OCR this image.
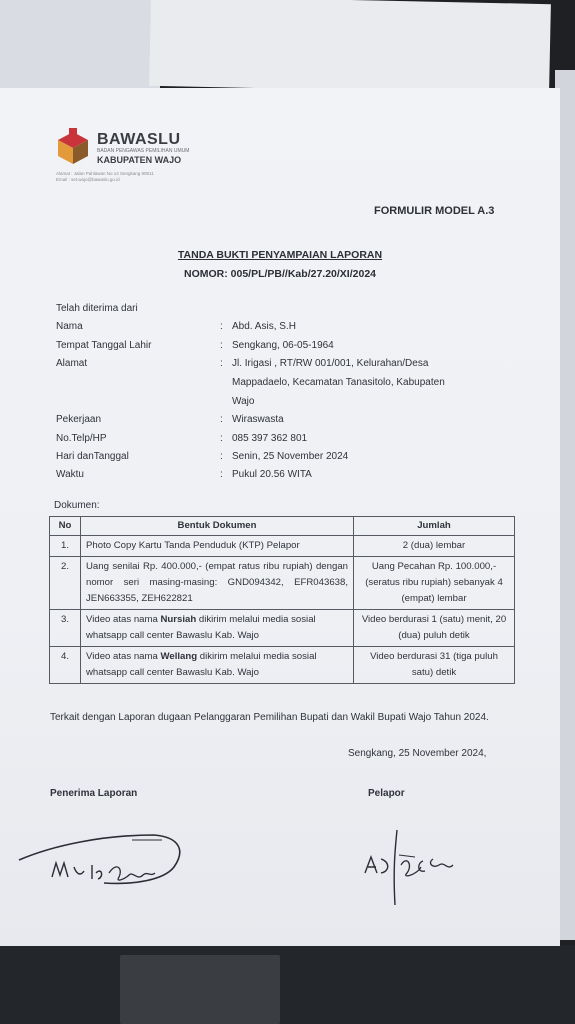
BAWASLU
BADAN PENGAWAS PEMILIHAN UMUM
KABUPATEN WAJO
Alamat : Jalan Pahlawan No.14 Sengkang 90911
Email : set.wajo@bawaslu.go.id
FORMULIR MODEL A.3
TANDA BUKTI PENYAMPAIAN LAPORAN
NOMOR: 005/PL/PB//Kab/27.20/XI/2024
Telah diterima dari
Nama	: Abd. Asis, S.H
Tempat Tanggal Lahir	: Sengkang, 06-05-1964
Alamat	: Jl. Irigasi , RT/RW 001/001, Kelurahan/Desa
Mappadaelo, Kecamatan Tanasitolo, Kabupaten
Wajo
Pekerjaan	: Wiraswasta
No.Telp/HP	: 085 397 362 801
Hari danTanggal	: Senin, 25 November 2024
Waktu	: Pukul 20.56 WITA
Dokumen:
No	Bentuk Dokumen	Jumlah
1.	Photo Copy Kartu Tanda Penduduk (KTP) Pelapor	2 (dua) lembar
2.	Uang senilai Rp. 400.000,- (empat ratus ribu rupiah) dengan nomor seri masing-masing: GND094342, EFR043638, JEN663355, ZEH622821	Uang Pecahan Rp. 100.000,- (seratus ribu rupiah) sebanyak 4 (empat) lembar
3.	Video atas nama Nursiah dikirim melalui media sosial whatsapp call center Bawaslu Kab. Wajo	Video berdurasi 1 (satu) menit, 20 (dua) puluh detik
4.	Video atas nama Wellang dikirim melalui media sosial whatsapp call center Bawaslu Kab. Wajo	Video berdurasi 31 (tiga puluh satu) detik
Terkait dengan Laporan dugaan Pelanggaran Pemilihan Bupati dan Wakil Bupati Wajo Tahun 2024.
Sengkang, 25 November 2024,
Penerima Laporan	Pelapor
